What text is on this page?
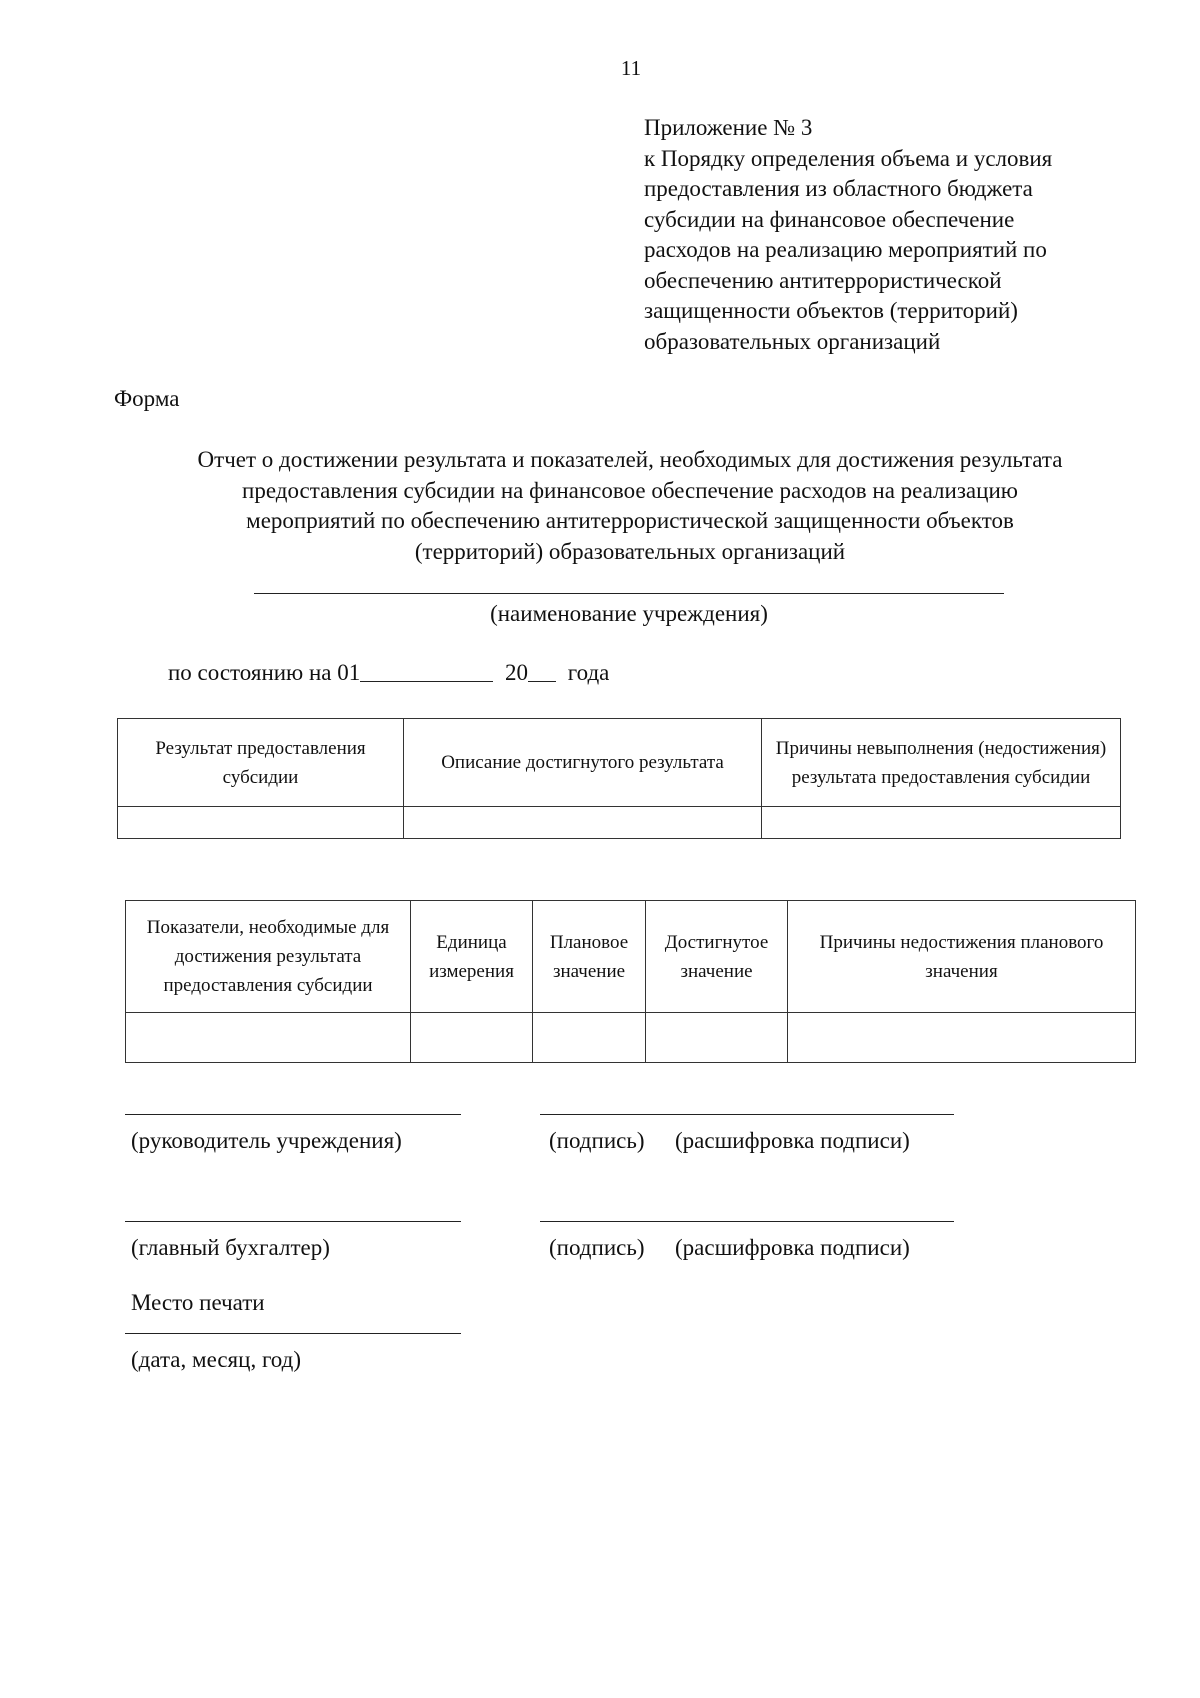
11
Приложение № 3
к Порядку определения объема и условия
предоставления из областного бюджета
субсидии на финансовое обеспечение
расходов на реализацию мероприятий по
обеспечению антитеррористической
защищенности объектов (территорий)
образовательных организаций
Форма
Отчет о достижении результата и показателей, необходимых для достижения результата
предоставления субсидии на финансовое обеспечение расходов на реализацию
мероприятий по обеспечению антитеррористической защищенности объектов
(территорий) образовательных организаций
(наименование учреждения)
по состоянию на 01	20 года
Результат предоставления субсидии	Описание достигнутого результата	Причины невыполнения (недостижения) результата предоставления субсидии

Показатели, необходимые для достижения результата предоставления субсидии	Единица измерения	Плановое значение	Достигнутое значение	Причины недостижения планового значения

(руководитель учреждения)	(подпись) (расшифровка подписи)
(главный бухгалтер)	(подпись) (расшифровка подписи)
Место печати
(дата, месяц, год)
